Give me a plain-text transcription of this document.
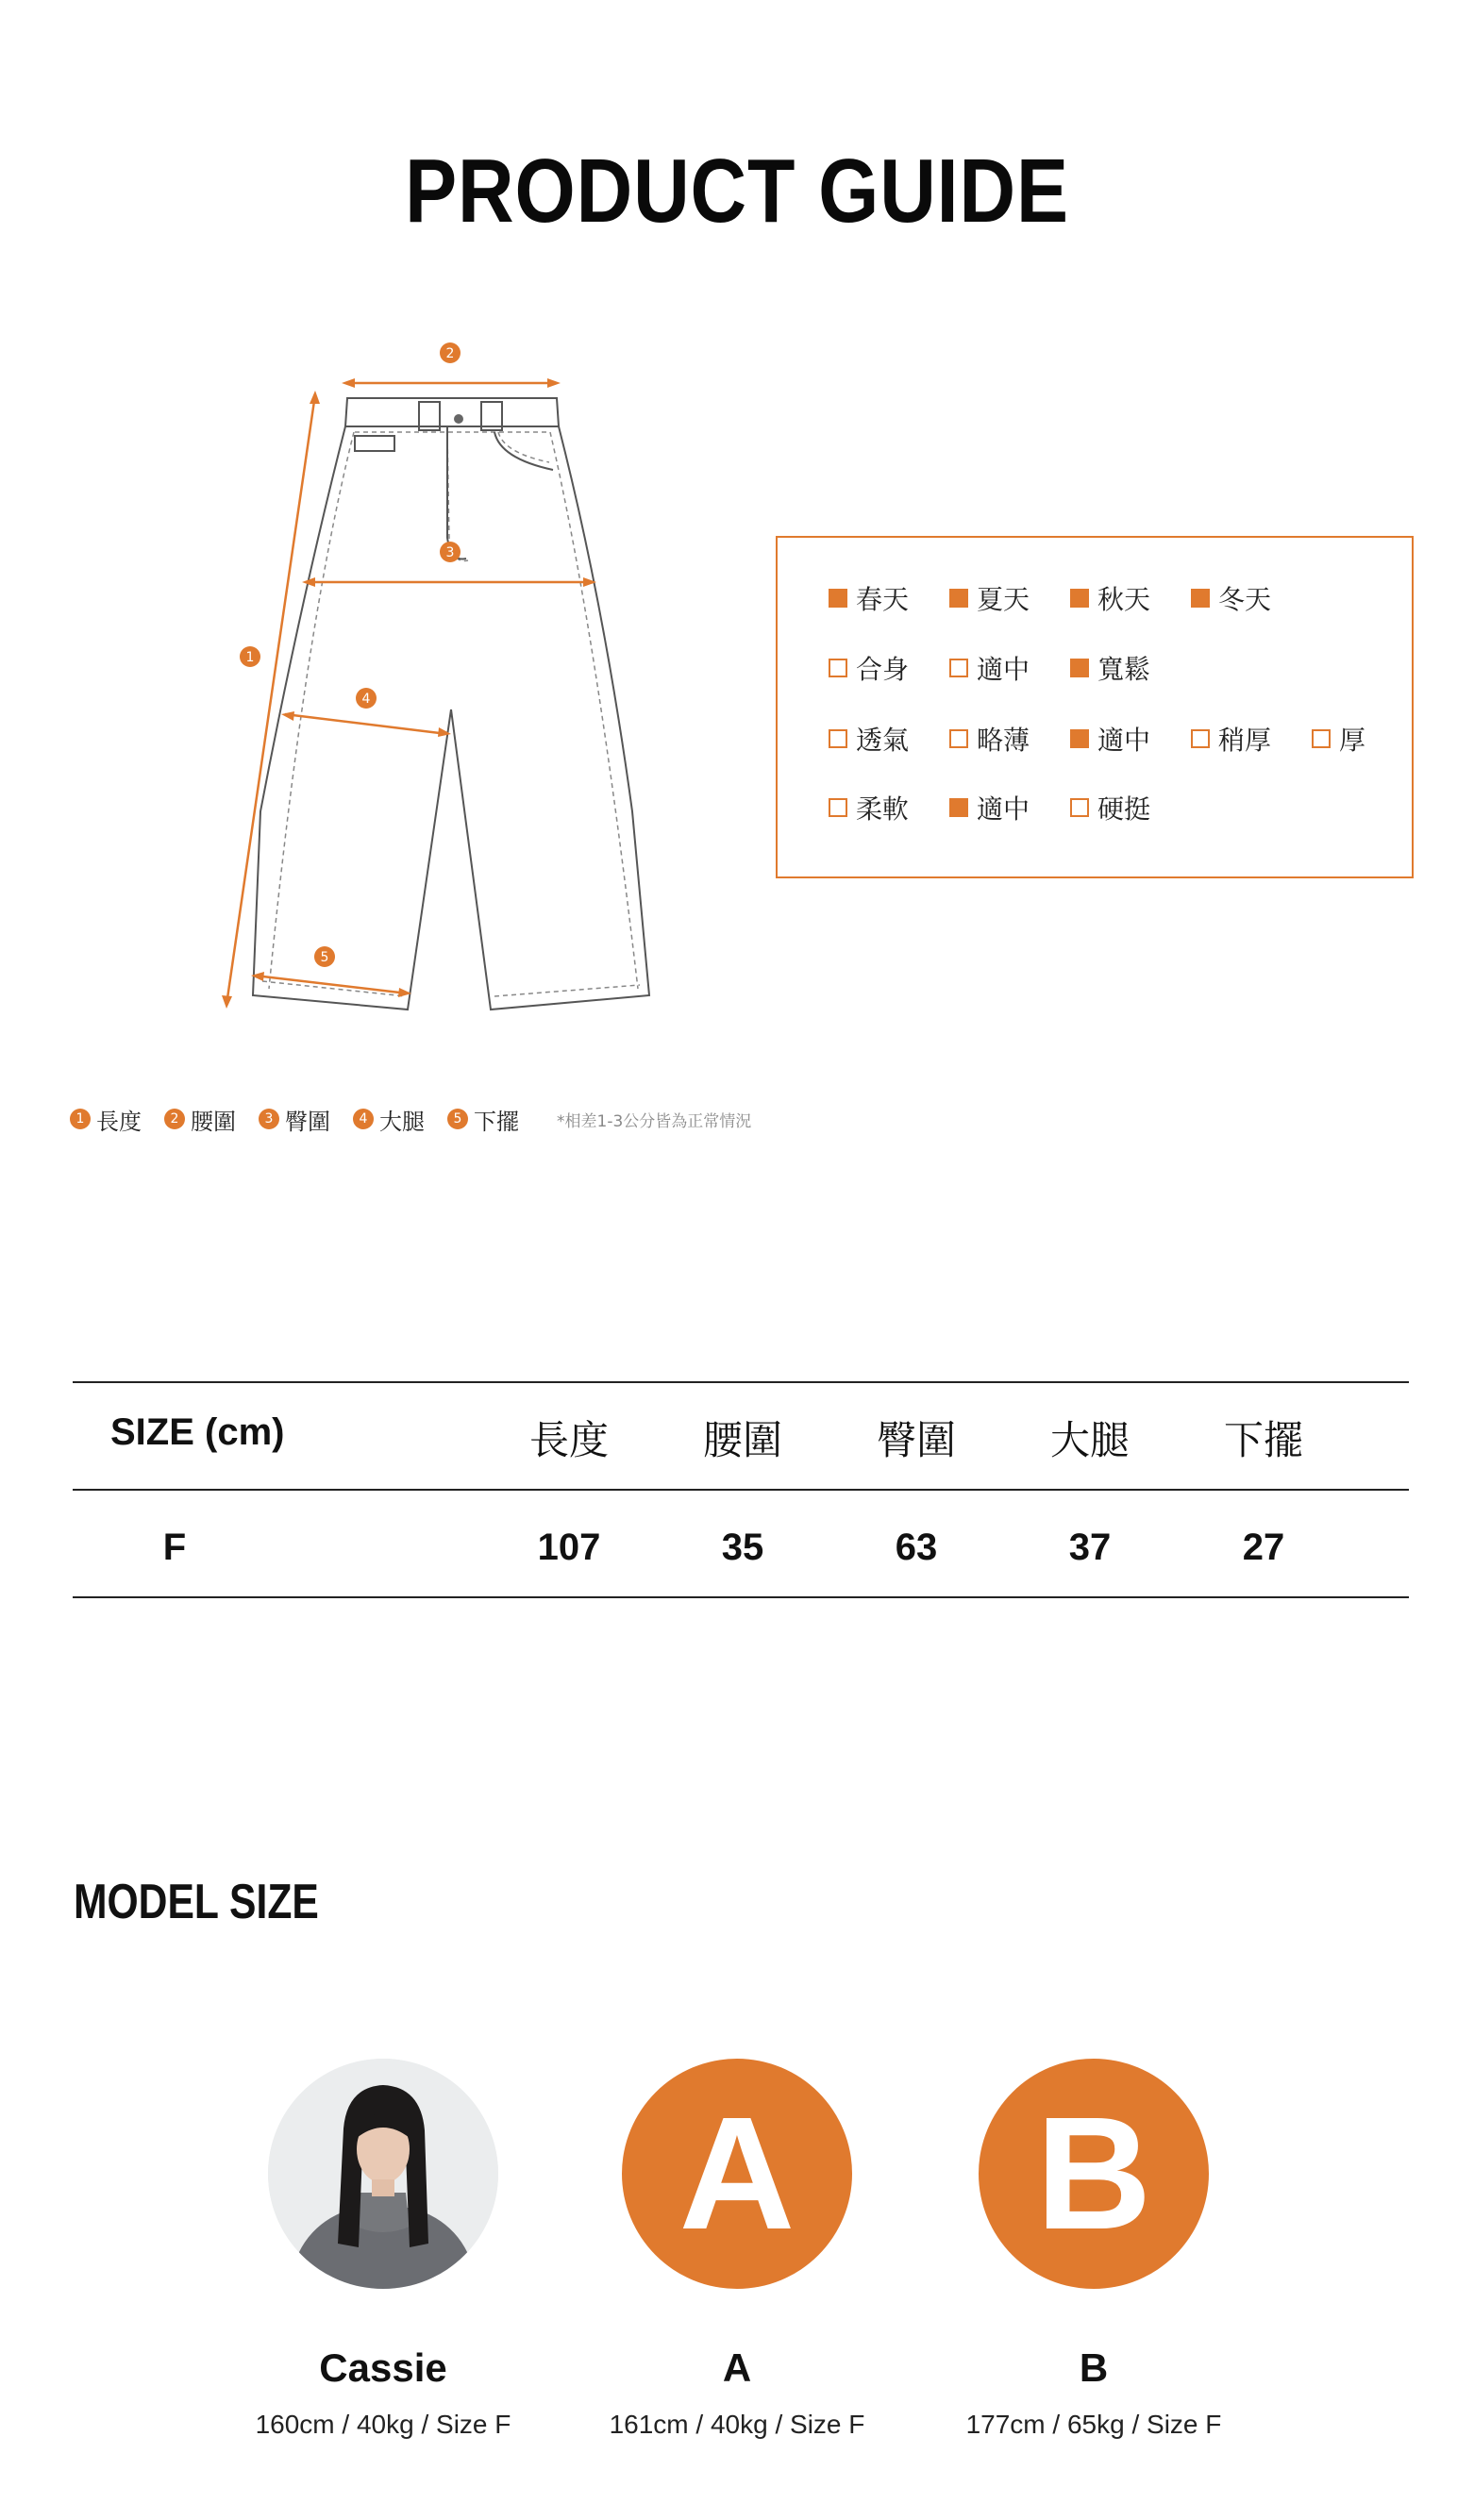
PRODUCT GUIDE
1
2
3
4
5
1 長度	2 腰圍	3 臀圍	4 大腿	5 下擺 *相差1-3公分皆為正常情況
春天	夏天	秋天	冬天
合身	適中	寬鬆
透氣	略薄	適中	稍厚	厚
柔軟	適中	硬挺
SIZE (cm)	長度	腰圍	臀圍	大腿	下擺
F	107	35	63	37	27
MODEL SIZE
Cassie
160cm / 40kg / Size F
A
A
161cm / 40kg / Size F
B
B
177cm / 65kg / Size F
